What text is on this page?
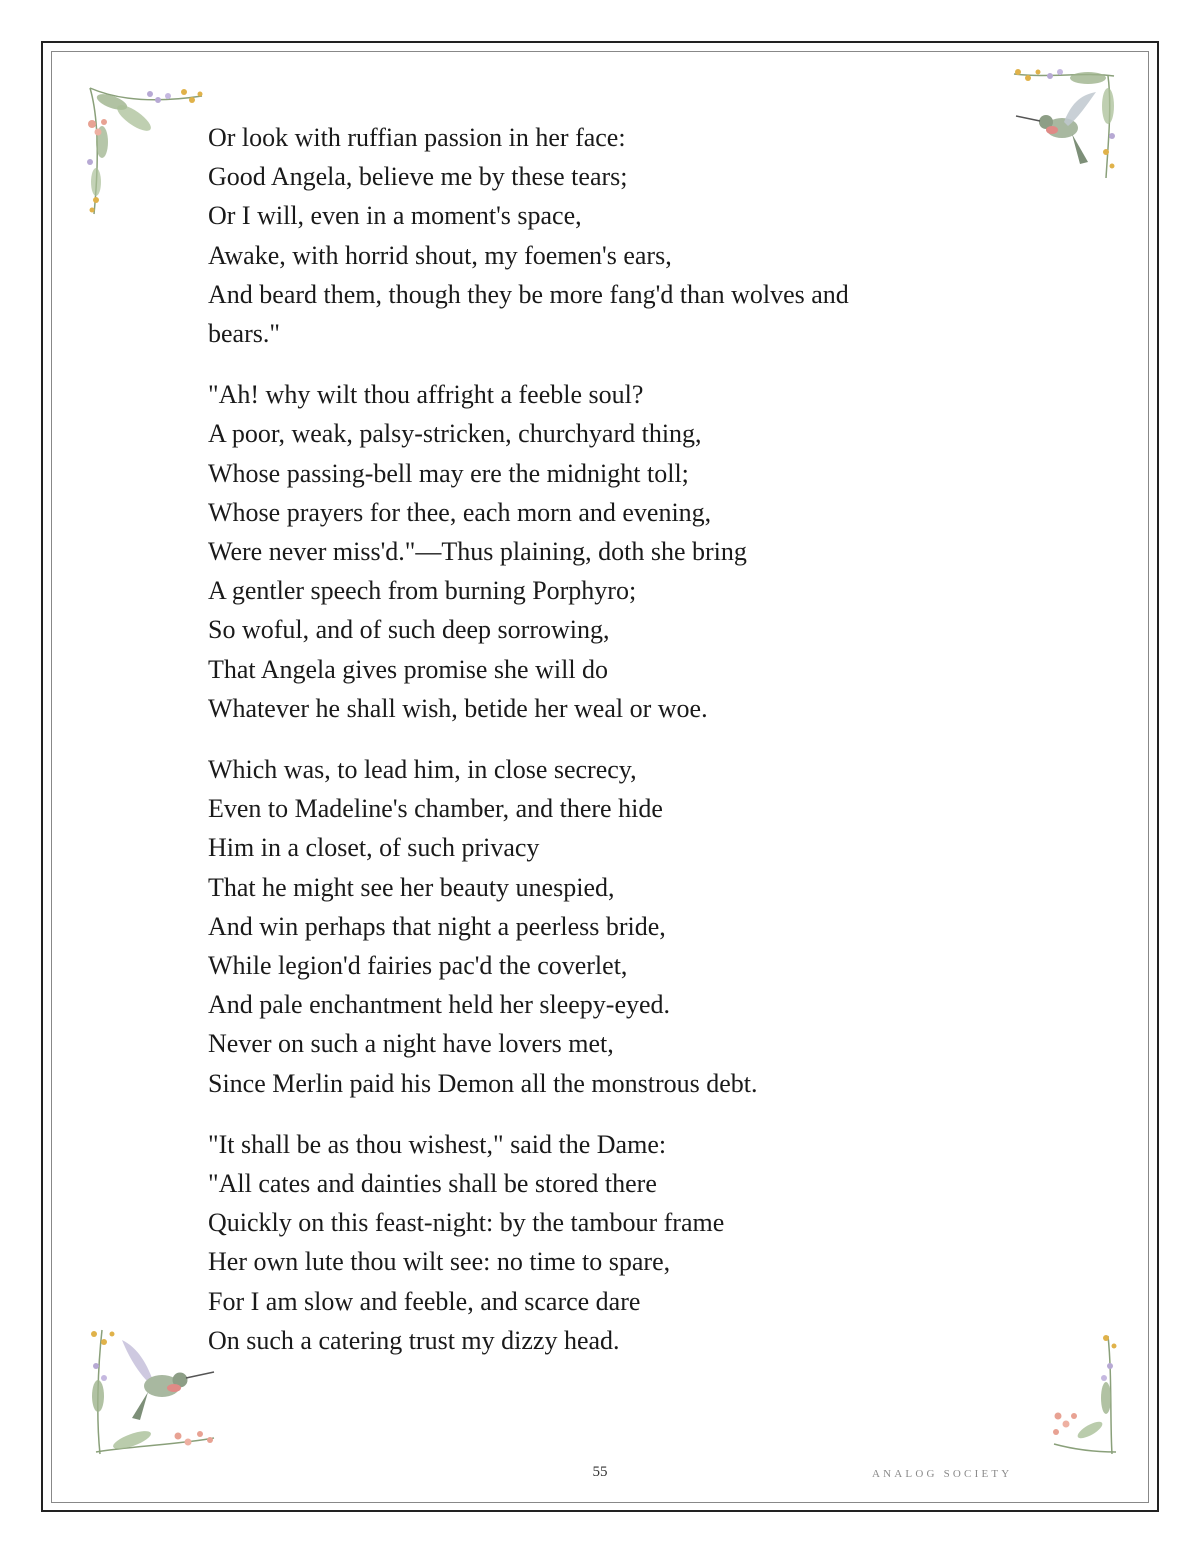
Or look with ruffian passion in her face:
Good Angela, believe me by these tears;
Or I will, even in a moment's space,
Awake, with horrid shout, my foemen's ears,
And beard them, though they be more fang'd than wolves and
bears."
"Ah! why wilt thou affright a feeble soul?
A poor, weak, palsy-stricken, churchyard thing,
Whose passing-bell may ere the midnight toll;
Whose prayers for thee, each morn and evening,
Were never miss'd."—Thus plaining, doth she bring
A gentler speech from burning Porphyro;
So woful, and of such deep sorrowing,
That Angela gives promise she will do
Whatever he shall wish, betide her weal or woe.
Which was, to lead him, in close secrecy,
Even to Madeline's chamber, and there hide
Him in a closet, of such privacy
That he might see her beauty unespied,
And win perhaps that night a peerless bride,
While legion'd fairies pac'd the coverlet,
And pale enchantment held her sleepy-eyed.
Never on such a night have lovers met,
Since Merlin paid his Demon all the monstrous debt.
"It shall be as thou wishest," said the Dame:
"All cates and dainties shall be stored there
Quickly on this feast-night: by the tambour frame
Her own lute thou wilt see: no time to spare,
For I am slow and feeble, and scarce dare
On such a catering trust my dizzy head.
55	ANALOG SOCIETY
